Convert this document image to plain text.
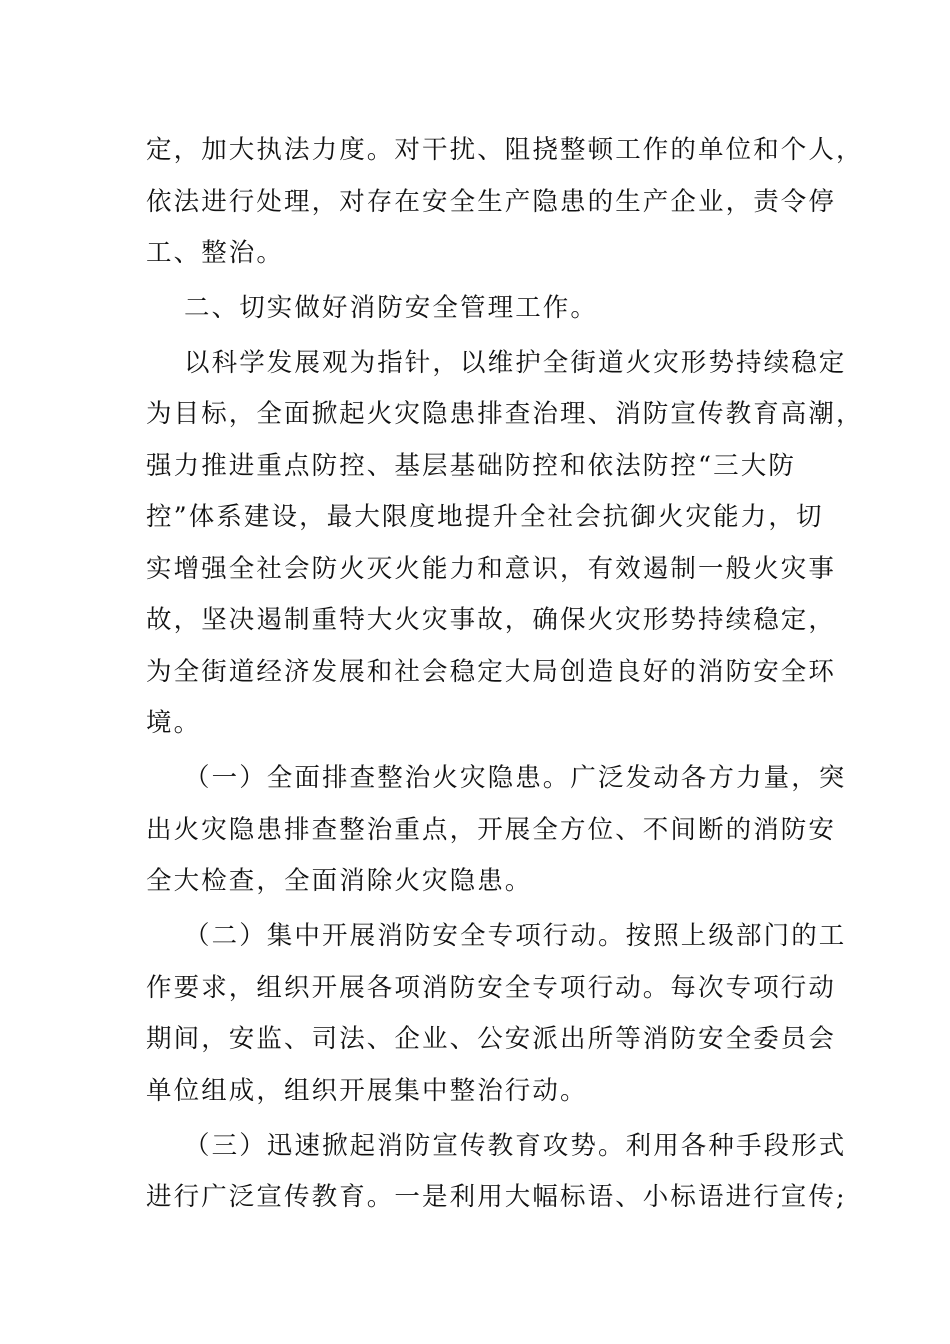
定，加大执法力度。对干扰、阻挠整顿工作的单位和个人，
依法进行处理，对存在安全生产隐患的生产企业，责令停
工、整治。
二、切实做好消防安全管理工作。
以科学发展观为指针，以维护全街道火灾形势持续稳定
为目标，全面掀起火灾隐患排查治理、消防宣传教育高潮，
强力推进重点防控、基层基础防控和依法防控“三大防
控”体系建设，最大限度地提升全社会抗御火灾能力，切
实增强全社会防火灭火能力和意识，有效遏制一般火灾事
故，坚决遏制重特大火灾事故，确保火灾形势持续稳定，
为全街道经济发展和社会稳定大局创造良好的消防安全环
境。
（一）全面排查整治火灾隐患。广泛发动各方力量，突
出火灾隐患排查整治重点，开展全方位、不间断的消防安
全大检查，全面消除火灾隐患。
（二）集中开展消防安全专项行动。按照上级部门的工
作要求，组织开展各项消防安全专项行动。每次专项行动
期间，安监、司法、企业、公安派出所等消防安全委员会
单位组成，组织开展集中整治行动。
（三）迅速掀起消防宣传教育攻势。利用各种手段形式
进行广泛宣传教育。一是利用大幅标语、小标语进行宣传;
